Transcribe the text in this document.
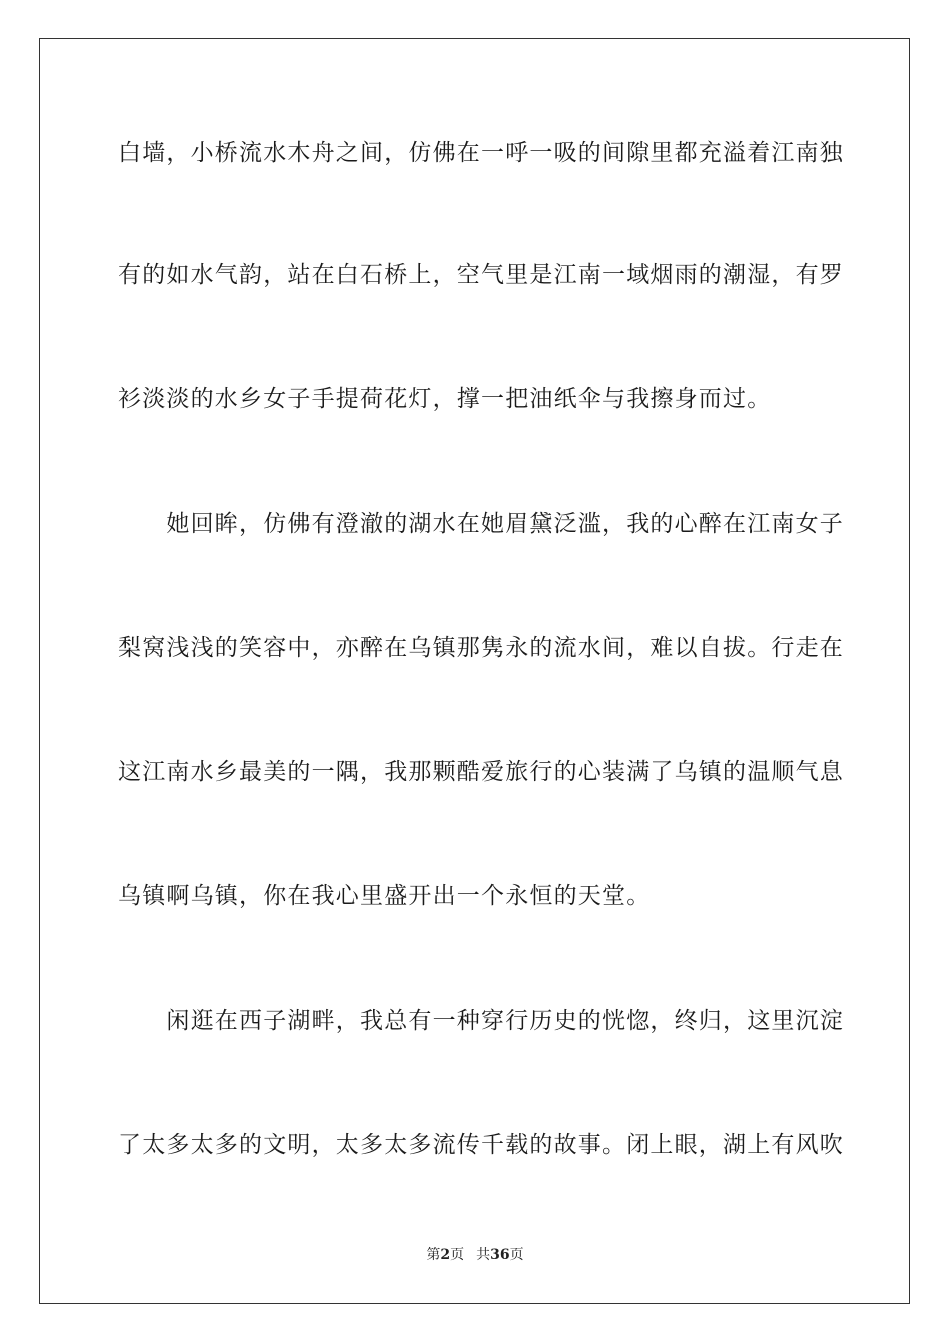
白墙，小桥流水木舟之间，仿佛在一呼一吸的间隙里都充溢着江南独
有的如水气韵，站在白石桥上，空气里是江南一域烟雨的潮湿，有罗
衫淡淡的水乡女子手提荷花灯，撑一把油纸伞与我擦身而过。
　　她回眸，仿佛有澄澈的湖水在她眉黛泛滥，我的心醉在江南女子
梨窝浅浅的笑容中，亦醉在乌镇那隽永的流水间，难以自拔。行走在
这江南水乡最美的一隅，我那颗酷爱旅行的心装满了乌镇的温顺气息
乌镇啊乌镇，你在我心里盛开出一个永恒的天堂。
　　闲逛在西子湖畔，我总有一种穿行历史的恍惚，终归，这里沉淀
了太多太多的文明，太多太多流传千载的故事。闭上眼，湖上有风吹
第2页 共36页
